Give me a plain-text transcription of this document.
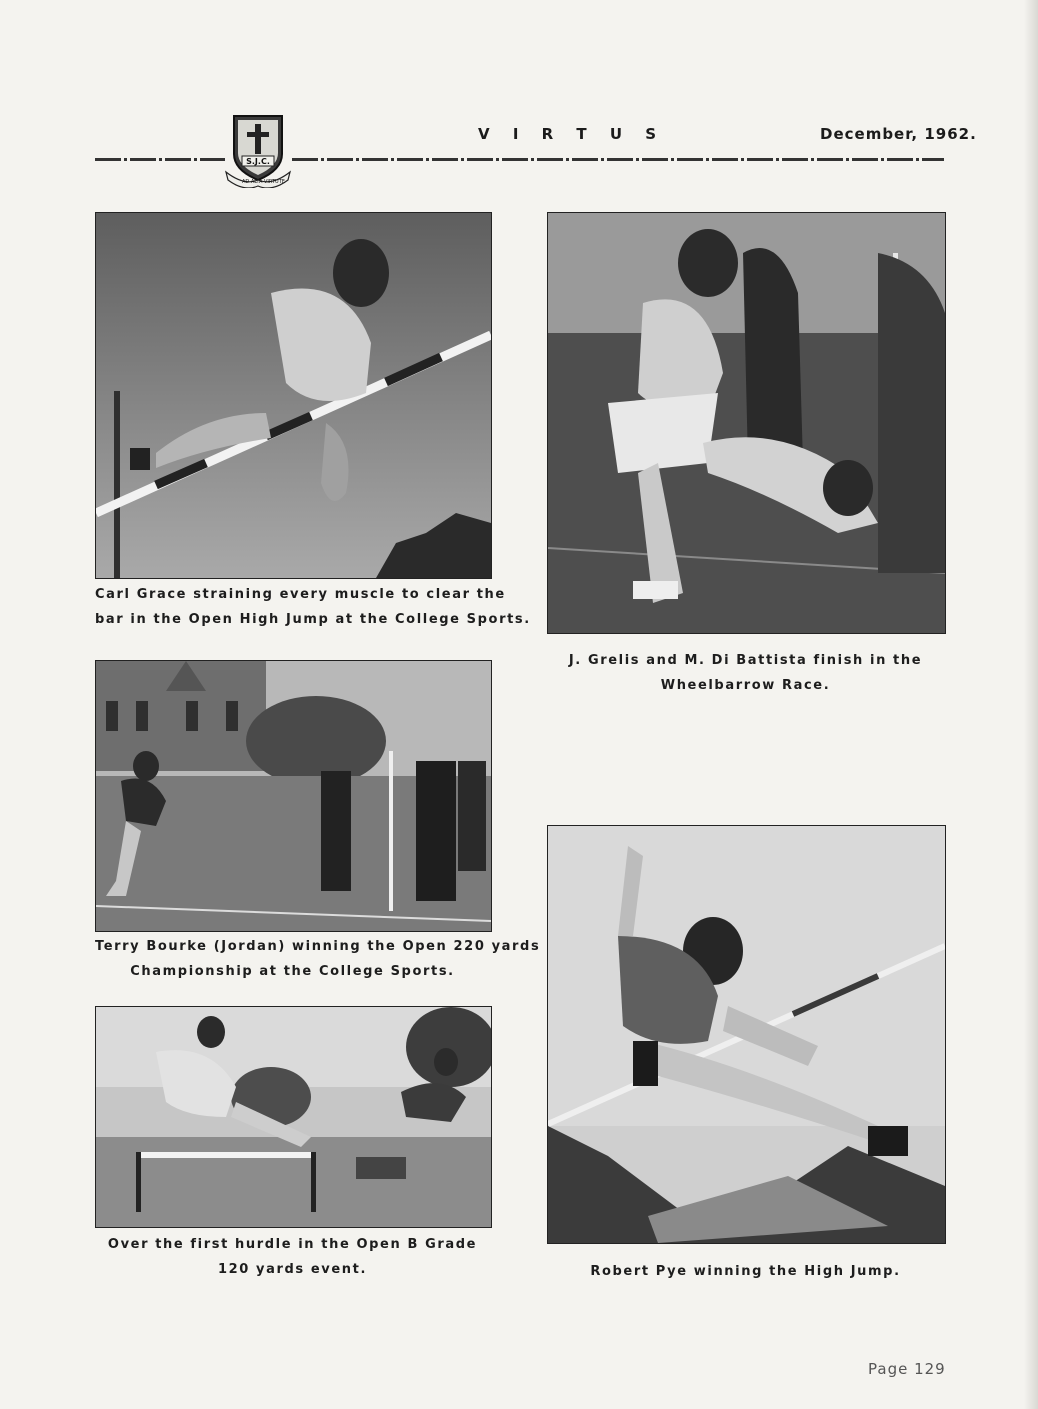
S.J.C.
AD ALTA VIRTUTE
V I R T U S	December, 1962.
Carl Grace straining every muscle to clear the
bar in the Open High Jump at the College Sports.
J. Grelis and M. Di Battista finish in the
Wheelbarrow Race.
Terry Bourke (Jordan) winning the Open 220 yards
Championship at the College Sports.
Over the first hurdle in the Open B Grade
120 yards event.	Robert Pye winning the High Jump.
Page 129
